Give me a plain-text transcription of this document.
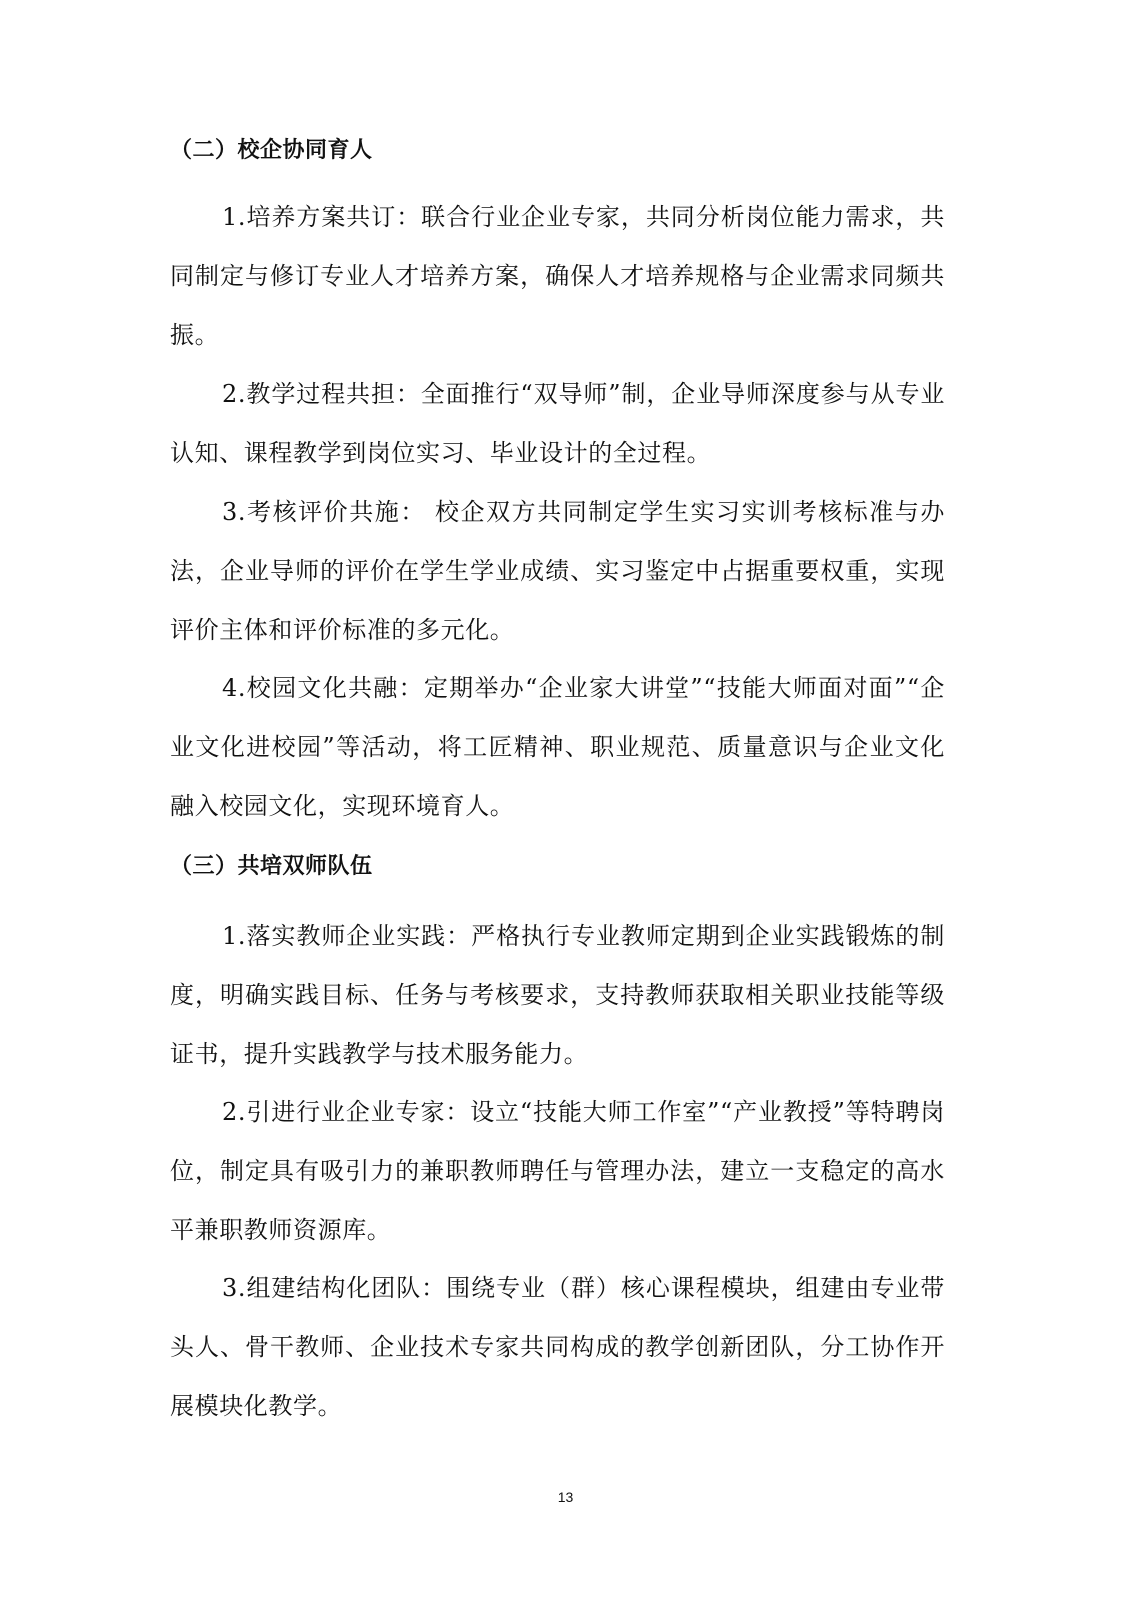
（二）校企协同育人
1.培养方案共订：联合行业企业专家，共同分析岗位能力需求，共同制定与修订专业人才培养方案，确保人才培养规格与企业需求同频共振。
2.教学过程共担：全面推行“双导师”制，企业导师深度参与从专业认知、课程教学到岗位实习、毕业设计的全过程。
3.考核评价共施： 校企双方共同制定学生实习实训考核标准与办法，企业导师的评价在学生学业成绩、实习鉴定中占据重要权重，实现评价主体和评价标准的多元化。
4.校园文化共融：定期举办“企业家大讲堂”“技能大师面对面”“企业文化进校园”等活动，将工匠精神、职业规范、质量意识与企业文化融入校园文化，实现环境育人。
（三）共培双师队伍
1.落实教师企业实践：严格执行专业教师定期到企业实践锻炼的制度，明确实践目标、任务与考核要求，支持教师获取相关职业技能等级证书，提升实践教学与技术服务能力。
2.引进行业企业专家：设立“技能大师工作室”“产业教授”等特聘岗位，制定具有吸引力的兼职教师聘任与管理办法，建立一支稳定的高水平兼职教师资源库。
3.组建结构化团队：围绕专业（群）核心课程模块，组建由专业带头人、骨干教师、企业技术专家共同构成的教学创新团队，分工协作开展模块化教学。
13
